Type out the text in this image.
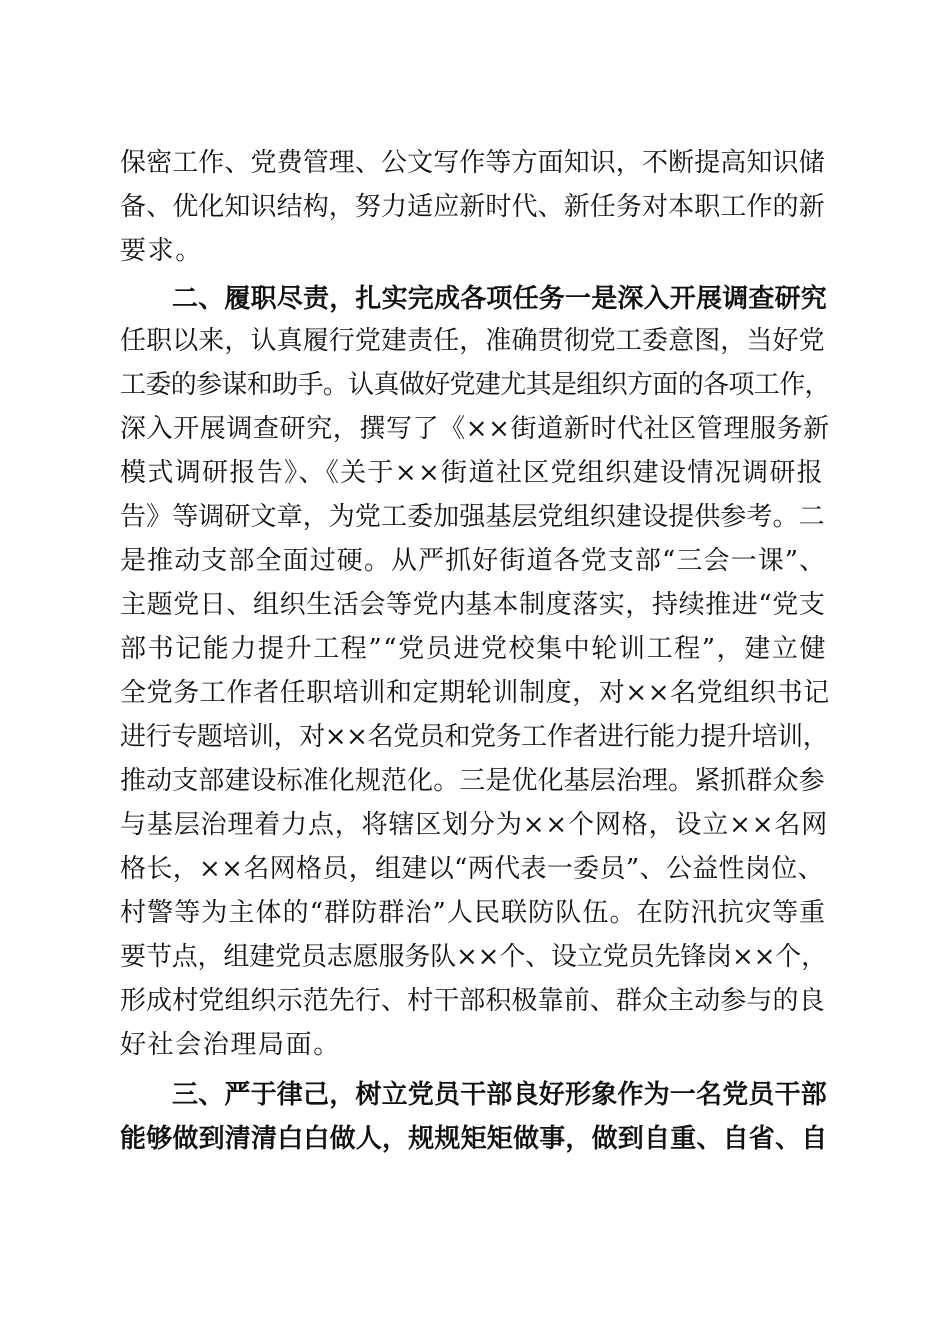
保密工作、党费管理、公文写作等方面知识，不断提高知识储
备、优化知识结构，努力适应新时代、新任务对本职工作的新
要求。
二、履职尽责，扎实完成各项任务一是深入开展调查研究
任职以来，认真履行党建责任，准确贯彻党工委意图，当好党
工委的参谋和助手。认真做好党建尤其是组织方面的各项工作，
深入开展调查研究，撰写了《××街道新时代社区管理服务新
模式调研报告》、《关于××街道社区党组织建设情况调研报
告》等调研文章，为党工委加强基层党组织建设提供参考。二
是推动支部全面过硬。从严抓好街道各党支部“三会一课”、
主题党日、组织生活会等党内基本制度落实，持续推进“党支
部书记能力提升工程”“党员进党校集中轮训工程”，建立健
全党务工作者任职培训和定期轮训制度，对××名党组织书记
进行专题培训，对××名党员和党务工作者进行能力提升培训，
推动支部建设标准化规范化。三是优化基层治理。紧抓群众参
与基层治理着力点，将辖区划分为××个网格，设立××名网
格长，××名网格员，组建以“两代表一委员”、公益性岗位、
村警等为主体的“群防群治”人民联防队伍。在防汛抗灾等重
要节点，组建党员志愿服务队××个、设立党员先锋岗××个，
形成村党组织示范先行、村干部积极靠前、群众主动参与的良
好社会治理局面。
三、严于律己，树立党员干部良好形象作为一名党员干部
能够做到清清白白做人，规规矩矩做事，做到自重、自省、自
